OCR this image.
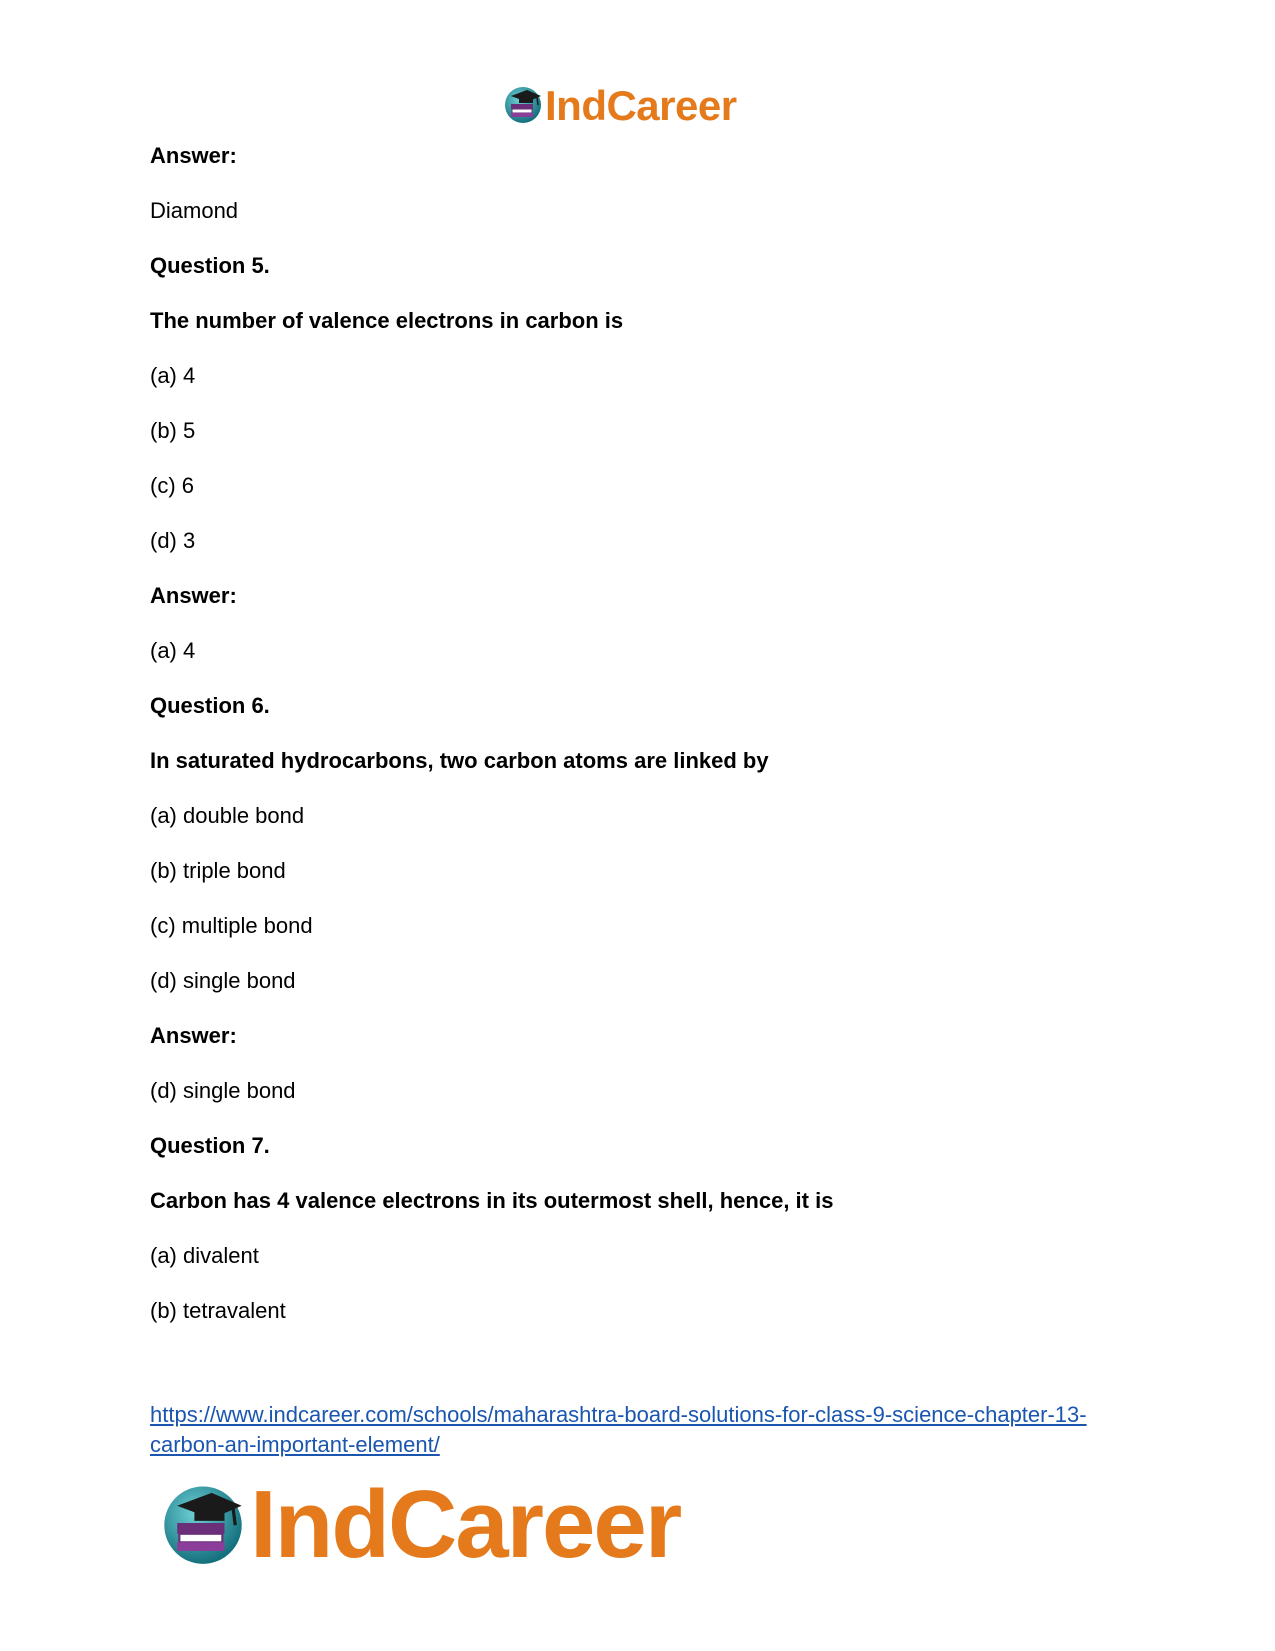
IndCareer

Answer:

Diamond

Question 5.

The number of valence electrons in carbon is

(a) 4

(b) 5

(c) 6

(d) 3

Answer:

(a) 4

Question 6.

In saturated hydrocarbons, two carbon atoms are linked by

(a) double bond

(b) triple bond

(c) multiple bond

(d) single bond

Answer:

(d) single bond

Question 7.

Carbon has 4 valence electrons in its outermost shell, hence, it is

(a) divalent

(b) tetravalent

https://www.indcareer.com/schools/maharashtra-board-solutions-for-class-9-science-chapter-13-carbon-an-important-element/
IndCareer
